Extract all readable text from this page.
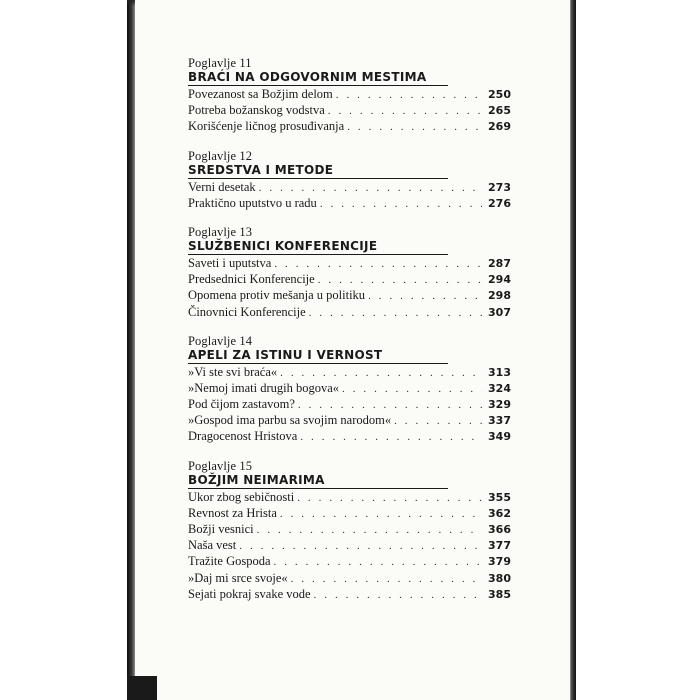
Poglavlje 11
BRAĆI NA ODGOVORNIM MESTIMA
Povezanost sa Božjim delom . . .	250
Potreba božanskog vodstva . . .	265
Korišćenje ličnog prosuđivanja . . .	269
Poglavlje 12
SREDSTVA I METODE
Verni desetak . . .	273
Praktično uputstvo u radu . . .	276
Poglavlje 13
SLUŽBENICI KONFERENCIJE
Saveti i uputstva . . .	287
Predsednici Konferencije . . .	294
Opomena protiv mešanja u politiku . . .	298
Činovnici Konferencije . . .	307
Poglavlje 14
APELI ZA ISTINU I VERNOST
»Vi ste svi braća« . . .	313
»Nemoj imati drugih bogova« . . .	324
Pod čijom zastavom? . . .	329
»Gospod ima parbu sa svojim narodom« . . .	337
Dragocenost Hristova . . .	349
Poglavlje 15
BOŽJIM NEIMARIMA
Ukor zbog sebičnosti . . .	355
Revnost za Hrista . . .	362
Božji vesnici . . .	366
Naša vest . . .	377
Tražite Gospoda . . .	379
»Daj mi srce svoje« . . .	380
Sejati pokraj svake vode . . .	385
